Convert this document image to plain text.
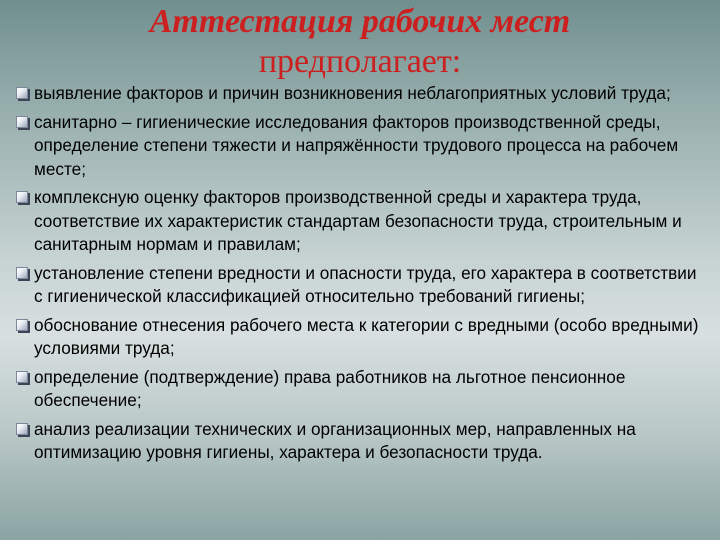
Аттестация рабочих мест
предполагает:
выявление факторов и причин возникновения неблагоприятных условий труда;
санитарно – гигиенические исследования факторов производственной среды, определение степени тяжести и напряжённости трудового процесса на рабочем месте;
комплексную оценку факторов производственной среды и характера труда, соответствие их характеристик стандартам безопасности труда, строительным и санитарным нормам и правилам;
установление степени вредности и опасности труда, его характера в соответствии с гигиенической классификацией относительно требований гигиены;
обоснование отнесения рабочего места к категории с вредными (особо вредными) условиями труда;
определение (подтверждение) права работников на льготное пенсионное обеспечение;
анализ реализации технических и организационных мер, направленных на оптимизацию уровня гигиены, характера и безопасности труда.
